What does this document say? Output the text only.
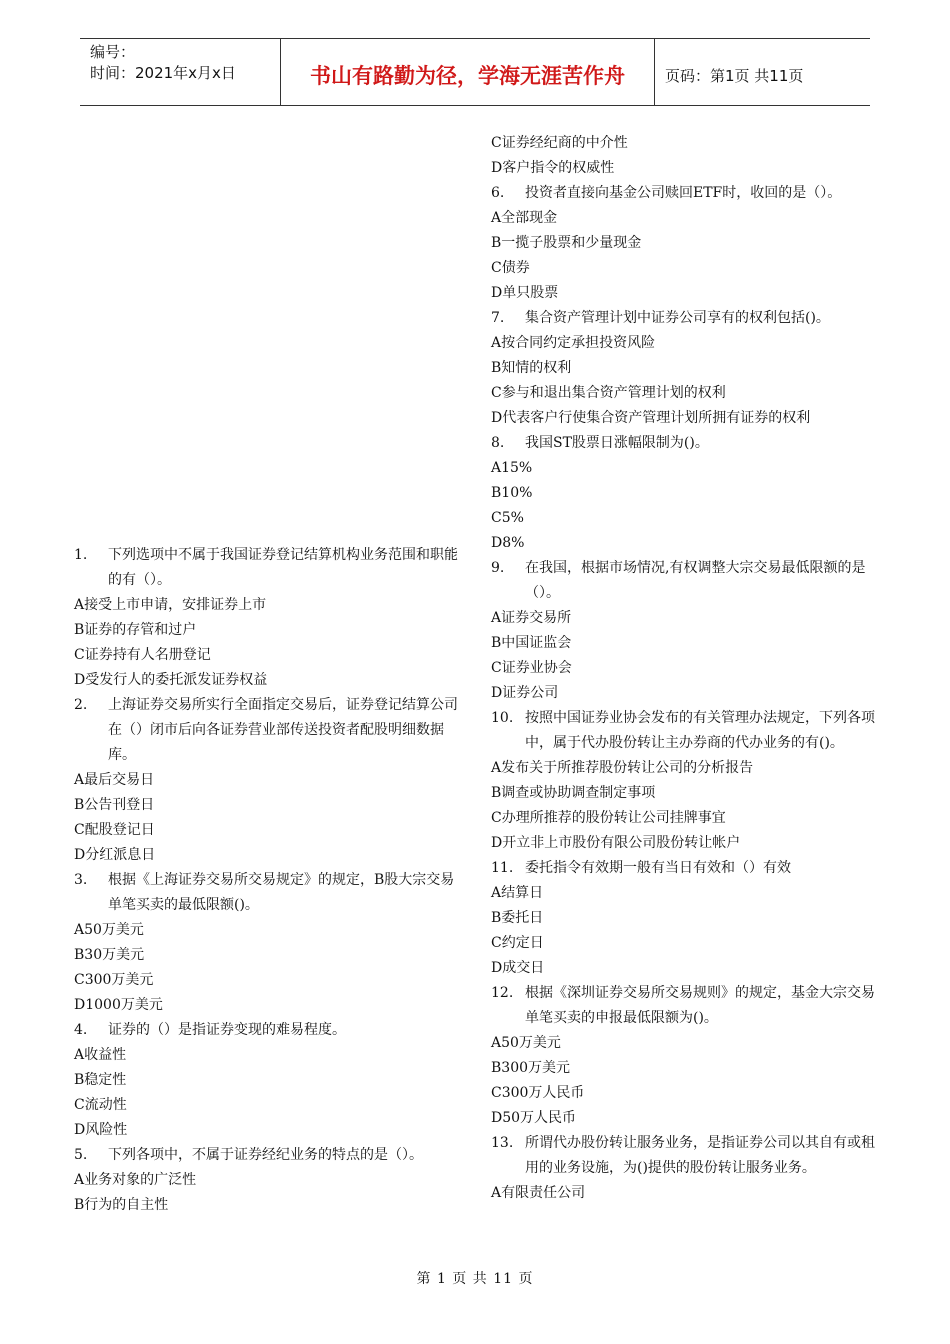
编号：
时间：2021年x月x日	书山有路勤为径，学海无涯苦作舟	页码：第1页 共11页
1.	下列选项中不属于我国证券登记结算机构业务范围和职能的有（）。
A接受上市申请，安排证券上市
B证券的存管和过户
C证券持有人名册登记
D受发行人的委托派发证券权益
2.	上海证券交易所实行全面指定交易后，证券登记结算公司在（）闭市后向各证券营业部传送投资者配股明细数据库。
A最后交易日
B公告刊登日
C配股登记日
D分红派息日
3.	根据《上海证券交易所交易规定》的规定，B股大宗交易单笔买卖的最低限额()。
A50万美元
B30万美元
C300万美元
D1000万美元
4.	证券的（）是指证券变现的难易程度。
A收益性
B稳定性
C流动性
D风险性
5.	下列各项中，不属于证券经纪业务的特点的是（）。
A业务对象的广泛性
B行为的自主性
C证券经纪商的中介性
D客户指令的权威性
6.	投资者直接向基金公司赎回ETF时，收回的是（）。
A全部现金
B一揽子股票和少量现金
C债券
D单只股票
7.	集合资产管理计划中证券公司享有的权利包括()。
A按合同约定承担投资风险
B知情的权利
C参与和退出集合资产管理计划的权利
D代表客户行使集合资产管理计划所拥有证券的权利
8.	我国ST股票日涨幅限制为()。
A15%
B10%
C5%
D8%
9.	在我国，根据市场情况,有权调整大宗交易最低限额的是（）。
A证券交易所
B中国证监会
C证券业协会
D证券公司
10. 按照中国证券业协会发布的有关管理办法规定，下列各项中，属于代办股份转让主办券商的代办业务的有()。
A发布关于所推荐股份转让公司的分析报告
B调查或协助调查制定事项
C办理所推荐的股份转让公司挂牌事宜
D开立非上市股份有限公司股份转让帐户
11. 委托指令有效期一般有当日有效和（）有效
A结算日
B委托日
C约定日
D成交日
12. 根据《深圳证券交易所交易规则》的规定，基金大宗交易单笔买卖的申报最低限额为()。
A50万美元
B300万美元
C300万人民币
D50万人民币
13. 所谓代办股份转让服务业务，是指证券公司以其自有或租用的业务设施，为()提供的股份转让服务业务。
A有限责任公司
第 1 页 共 11 页
